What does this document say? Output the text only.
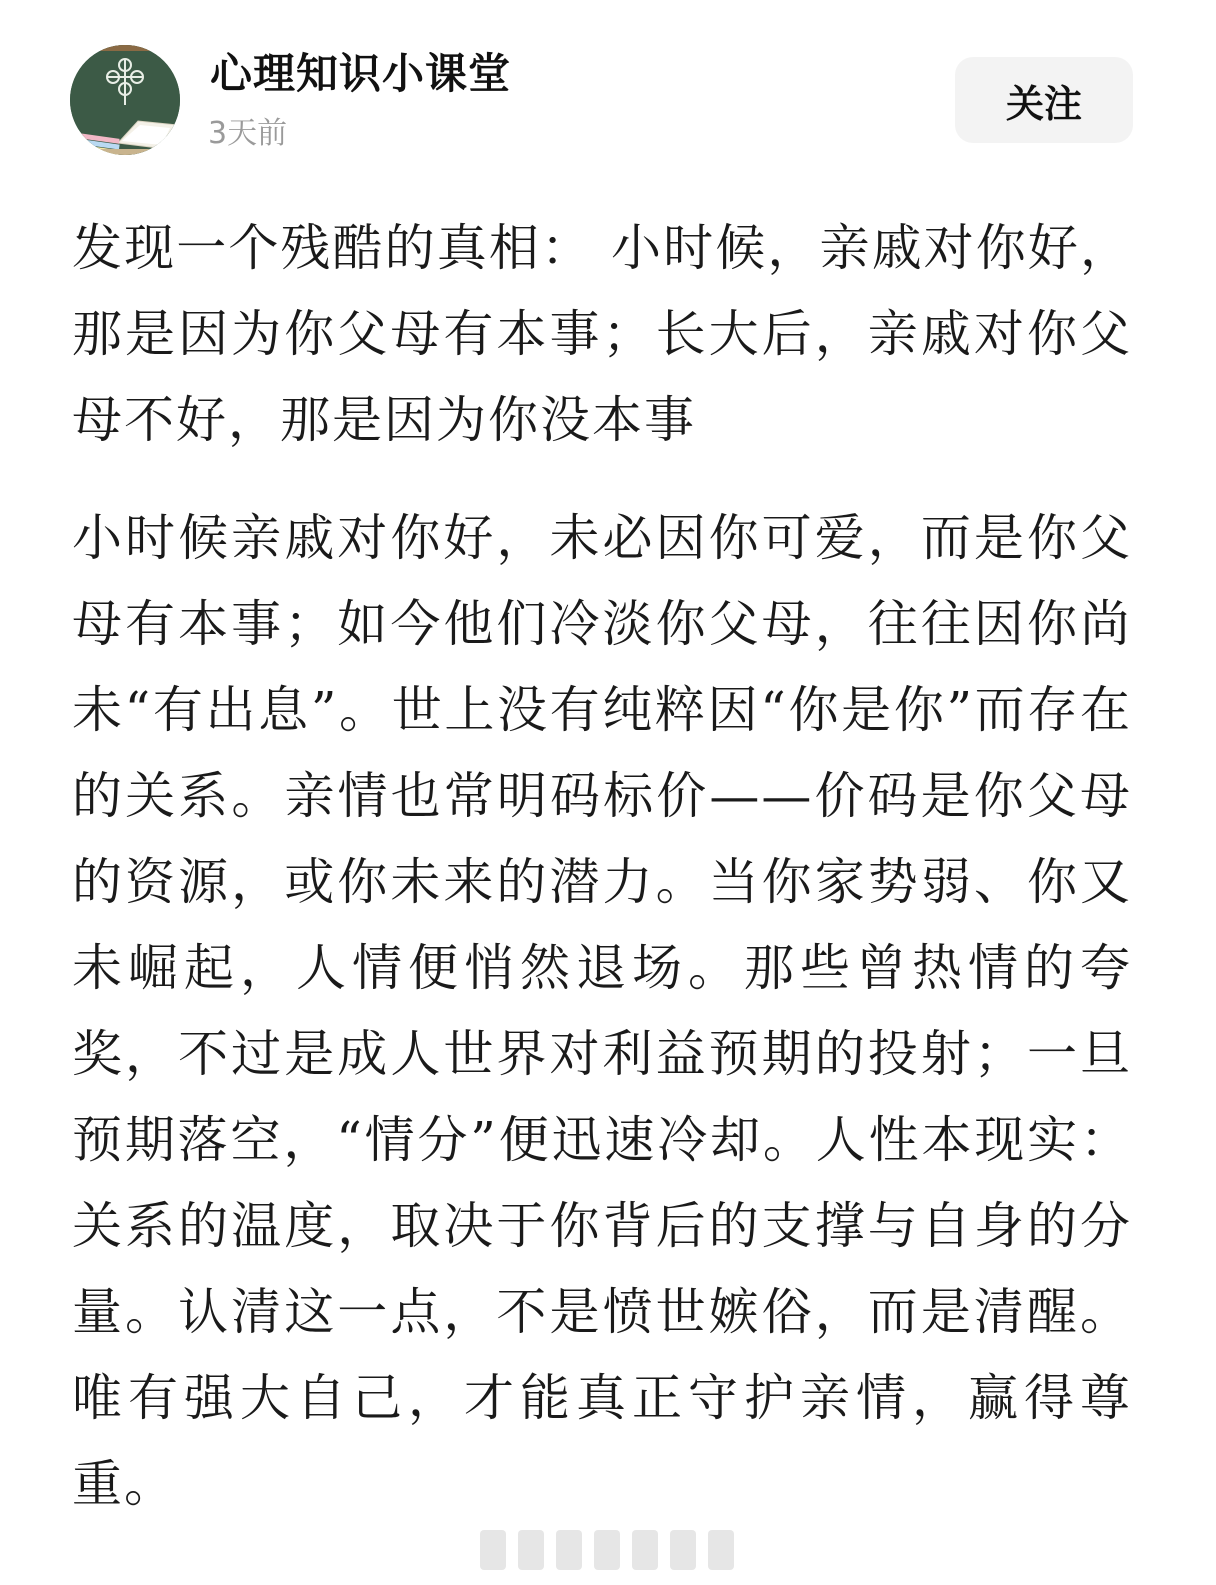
心理知识小课堂
3天前
关注

发现一个残酷的真相： 小时候，亲戚对你好，那是因为你父母有本事；长大后，亲戚对你父母不好，那是因为你没本事

小时候亲戚对你好，未必因你可爱，而是你父母有本事；如今他们冷淡你父母，往往因你尚未“有出息”。世上没有纯粹因“你是你”而存在的关系。亲情也常明码标价——价码是你父母的资源，或你未来的潜力。当你家势弱、你又未崛起，人情便悄然退场。那些曾热情的夸奖，不过是成人世界对利益预期的投射；一旦预期落空，“情分”便迅速冷却。人性本现实：关系的温度，取决于你背后的支撑与自身的分量。认清这一点，不是愤世嫉俗，而是清醒。唯有强大自己，才能真正守护亲情，赢得尊重。
